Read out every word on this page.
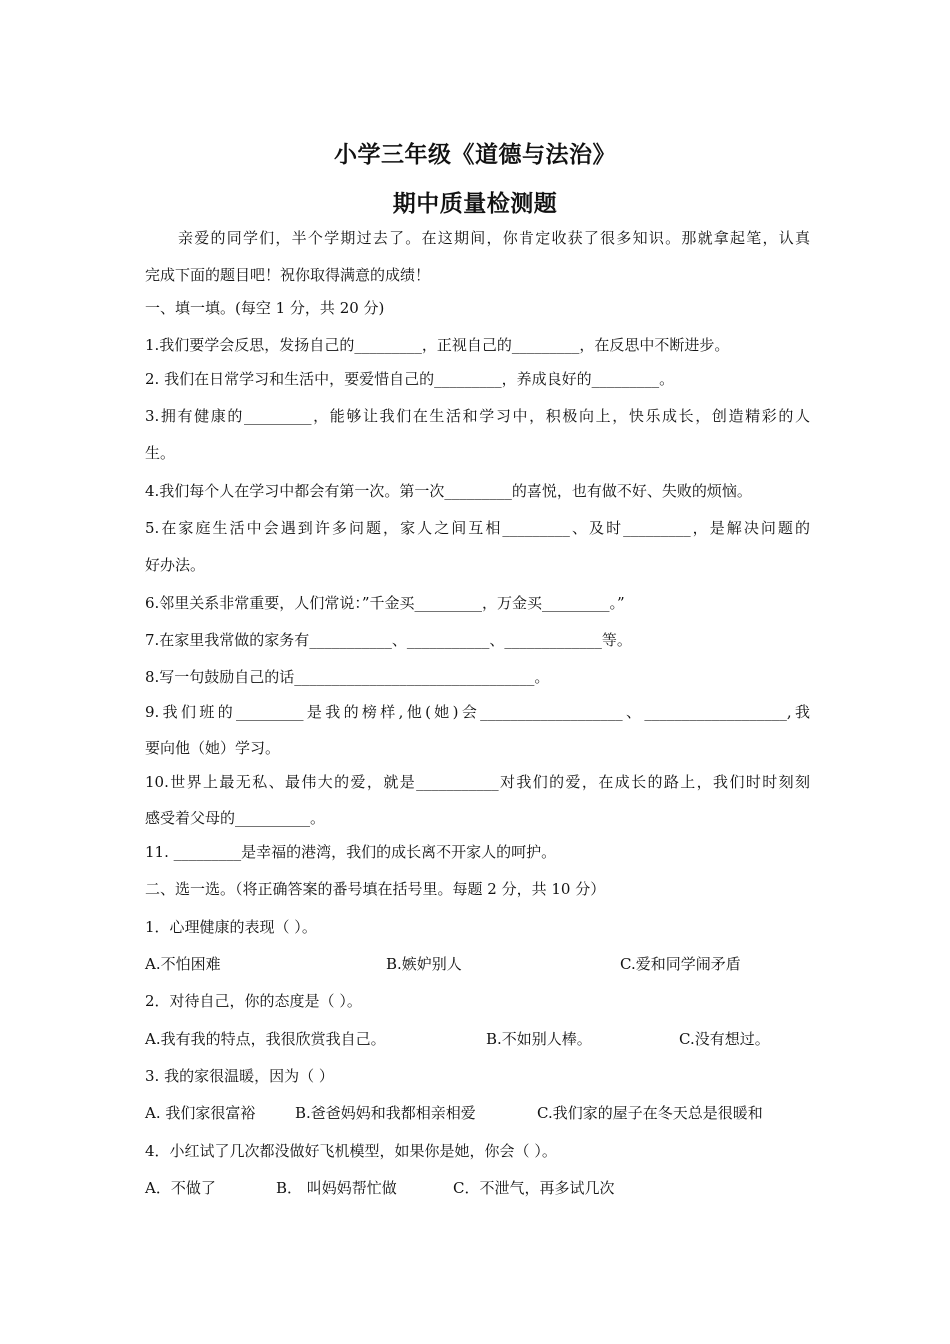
小学三年级《道德与法治》
期中质量检测题
亲爱的同学们，半个学期过去了。在这期间，你肯定收获了很多知识。那就拿起笔，认真
完成下面的题目吧！祝你取得满意的成绩！
一、填一填。(每空 1 分，共 20 分)
1.我们要学会反思，发扬自己的_________，正视自己的_________，在反思中不断进步。
2. 我们在日常学习和生活中，要爱惜自己的_________，养成良好的_________。
3.拥有健康的_________，能够让我们在生活和学习中，积极向上，快乐成长，创造精彩的人
生。
4.我们每个人在学习中都会有第一次。第一次_________的喜悦，也有做不好、失败的烦恼。
5.在家庭生活中会遇到许多问题，家人之间互相_________、及时_________，是解决问题的
好办法。
6.邻里关系非常重要，人们常说：”千金买_________，万金买_________。”
7.在家里我常做的家务有___________、___________、_____________等。
8.写一句鼓励自己的话________________________________。
9.我们班的_________是我的榜样,他(她)会___________________、___________________,我
要向他（她）学习。
10.世界上最无私、最伟大的爱，就是___________对我们的爱，在成长的路上，我们时时刻刻
感受着父母的__________。
11. _________是幸福的港湾，我们的成长离不开家人的呵护。
二、选一选。（将正确答案的番号填在括号里。每题 2 分，共 10 分）
1．心理健康的表现（ ）。
A.不怕困难	B.嫉妒别人	C.爱和同学闹矛盾
2．对待自己，你的态度是（ ）。
A.我有我的特点，我很欣赏我自己。	B.不如别人棒。	C.没有想过。
3. 我的家很温暖，因为（ ）
A. 我们家很富裕	B.爸爸妈妈和我都相亲相爱	C.我们家的屋子在冬天总是很暖和
4．小红试了几次都没做好飞机模型，如果你是她，你会（ ）。
A．不做了	B． 叫妈妈帮忙做	C．不泄气，再多试几次
